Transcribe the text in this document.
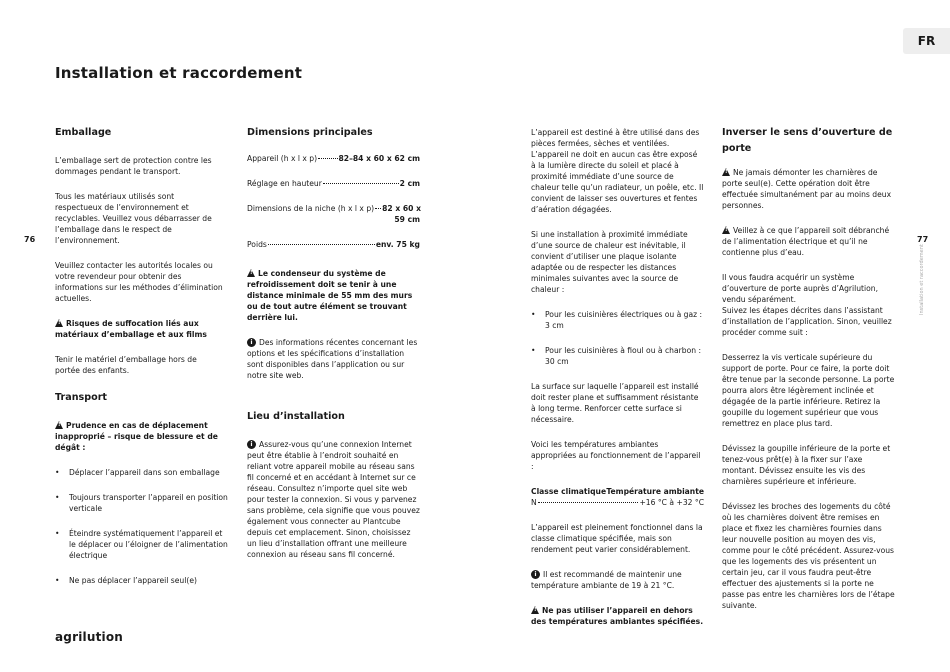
Installation et raccordement
FR
76	77
Installation et raccordement
agrilution
Emballage

L’emballage sert de protection contre les dommages pendant le transport.

Tous les matériaux utilisés sont respectueux de l’environnement et recyclables. Veuillez vous débarrasser de l’emballage dans le respect de l’environnement.

Veuillez contacter les autorités locales ou votre revendeur pour obtenir des informations sur les méthodes d’élimination actuelles.

!Risques de suffocation liés aux matériaux d’emballage et aux films

Tenir le matériel d’emballage hors de portée des enfants.

Transport

!Prudence en cas de déplacement inapproprié – risque de blessure et de dégât :

• Déplacer l’appareil dans son emballage
• Toujours transporter l’appareil en position verticale
• Éteindre systématiquement l’appareil et le déplacer ou l’éloigner de l’alimentation électrique
• Ne pas déplacer l’appareil seul(e)
Dimensions principales
Appareil (h x l x p)	82–84 x 60 x 62 cm
Réglage en hauteur	2 cm
Dimensions de la niche (h x l x p) 82 x 60 x
59 cm
Poids	env. 75 kg

!Le condenseur du système de refroidissement doit se tenir à une distance minimale de 55 mm des murs ou de tout autre élément se trouvant derrière lui.

i Des informations récentes concernant les options et les spécifications d’installation sont disponibles dans l’application ou sur notre site web.

Lieu d’installation

i Assurez-vous qu’une connexion Internet peut être établie à l’endroit souhaité en reliant votre appareil mobile au réseau sans fil concerné et en accédant à Internet sur ce réseau. Consultez n’importe quel site web pour tester la connexion. Si vous y parvenez sans problème, cela signifie que vous pouvez également vous connecter au Plantcube depuis cet emplacement. Sinon, choisissez un lieu d’installation offrant une meilleure connexion au réseau sans fil concerné.

L’appareil est destiné à être utilisé dans des pièces fermées, sèches et ventilées. L’appareil ne doit en aucun cas être exposé à la lumière directe du soleil et placé à proximité immédiate d’une source de chaleur telle qu’un radiateur, un poêle, etc. Il convient de laisser ses ouvertures et fentes d’aération dégagées.

Si une installation à proximité immédiate d’une source de chaleur est inévitable, il convient d’utiliser une plaque isolante adaptée ou de respecter les distances minimales suivantes avec la source de chaleur :

• Pour les cuisinières électriques ou à gaz :
3 cm
• Pour les cuisinières à fioul ou à charbon :
30 cm

La surface sur laquelle l’appareil est installé doit rester plane et suffisamment résistante à long terme. Renforcer cette surface si nécessaire.

Voici les températures ambiantes appropriées au fonctionnement de l’appareil :

Classe climatique Température ambiante
N	+16 °C à +32 °C

L’appareil est pleinement fonctionnel dans la classe climatique spécifiée, mais son rendement peut varier considérablement.

i Il est recommandé de maintenir une température ambiante de 19 à 21 °C.

!Ne pas utiliser l’appareil en dehors des températures ambiantes spécifiées.

Inverser le sens d’ouverture de porte

!Ne jamais démonter les charnières de porte seul(e). Cette opération doit être effectuée simultanément par au moins deux personnes.

!Veillez à ce que l’appareil soit débranché de l’alimentation électrique et qu’il ne contienne plus d’eau.

Il vous faudra acquérir un système d’ouverture de porte auprès d’Agrilution, vendu séparément.

Suivez les étapes décrites dans l’assistant d’installation de l’application. Sinon, veuillez procéder comme suit :

Desserrez la vis verticale supérieure du support de porte. Pour ce faire, la porte doit être tenue par la seconde personne. La porte pourra alors être légèrement inclinée et dégagée de la partie inférieure. Retirez la goupille du logement supérieur que vous remettrez en place plus tard.

Dévissez la goupille inférieure de la porte et tenez-vous prêt(e) à la fixer sur l’axe montant. Dévissez ensuite les vis des charnières supérieure et inférieure.

Dévissez les broches des logements du côté où les charnières doivent être remises en place et fixez les charnières fournies dans leur nouvelle position au moyen des vis, comme pour le côté précédent. Assurez-vous que les logements des vis présentent un certain jeu, car il vous faudra peut-être effectuer des ajustements si la porte ne passe pas entre les charnières lors de l’étape suivante.
